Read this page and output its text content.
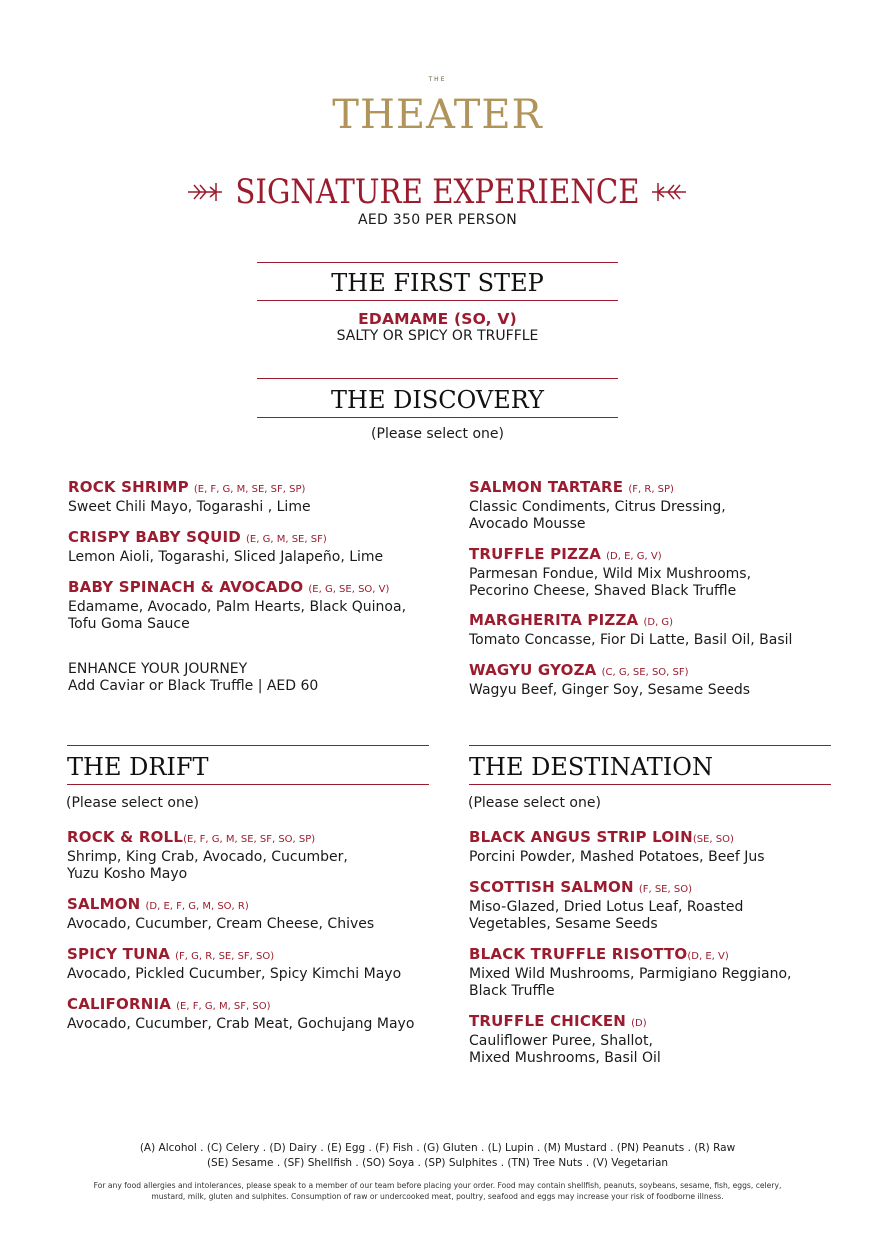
THE
THEATER
SIGNATURE EXPERIENCE
AED 350 PER PERSON
THE FIRST STEP
EDAMAME (SO, V)
SALTY OR SPICY OR TRUFFLE
THE DISCOVERY
(Please select one)
ROCK SHRIMP (E, F, G, M, SE, SF, SP)
Sweet Chili Mayo, Togarashi , Lime
CRISPY BABY SQUID (E, G, M, SE, SF)
Lemon Aioli, Togarashi, Sliced Jalapeño, Lime
BABY SPINACH & AVOCADO (E, G, SE, SO, V)
Edamame, Avocado, Palm Hearts, Black Quinoa,
Tofu Goma Sauce
ENHANCE YOUR JOURNEY
Add Caviar or Black Truffle | AED 60
SALMON TARTARE (F, R, SP)
Classic Condiments, Citrus Dressing,
Avocado Mousse
TRUFFLE PIZZA (D, E, G, V)
Parmesan Fondue, Wild Mix Mushrooms,
Pecorino Cheese, Shaved Black Truffle
MARGHERITA PIZZA (D, G)
Tomato Concasse, Fior Di Latte, Basil Oil, Basil
WAGYU GYOZA (C, G, SE, SO, SF)
Wagyu Beef, Ginger Soy, Sesame Seeds
THE DRIFT
(Please select one)
ROCK & ROLL(E, F, G, M, SE, SF, SO, SP)
Shrimp, King Crab, Avocado, Cucumber,
Yuzu Kosho Mayo
SALMON (D, E, F, G, M, SO, R)
Avocado, Cucumber, Cream Cheese, Chives
SPICY TUNA (F, G, R, SE, SF, SO)
Avocado, Pickled Cucumber, Spicy Kimchi Mayo
CALIFORNIA (E, F, G, M, SF, SO)
Avocado, Cucumber, Crab Meat, Gochujang Mayo
THE DESTINATION
(Please select one)
BLACK ANGUS STRIP LOIN(SE, SO)
Porcini Powder, Mashed Potatoes, Beef Jus
SCOTTISH SALMON (F, SE, SO)
Miso-Glazed, Dried Lotus Leaf, Roasted
Vegetables, Sesame Seeds
BLACK TRUFFLE RISOTTO(D, E, V)
Mixed Wild Mushrooms, Parmigiano Reggiano,
Black Truffle
TRUFFLE CHICKEN (D)
Cauliflower Puree, Shallot,
Mixed Mushrooms, Basil Oil
(A) Alcohol . (C) Celery . (D) Dairy . (E) Egg . (F) Fish . (G) Gluten . (L) Lupin . (M) Mustard . (PN) Peanuts . (R) Raw
(SE) Sesame . (SF) Shellfish . (SO) Soya . (SP) Sulphites . (TN) Tree Nuts . (V) Vegetarian
For any food allergies and intolerances, please speak to a member of our team before placing your order. Food may contain shellfish, peanuts, soybeans, sesame, fish, eggs, celery,
mustard, milk, gluten and sulphites. Consumption of raw or undercooked meat, poultry, seafood and eggs may increase your risk of foodborne illness.
